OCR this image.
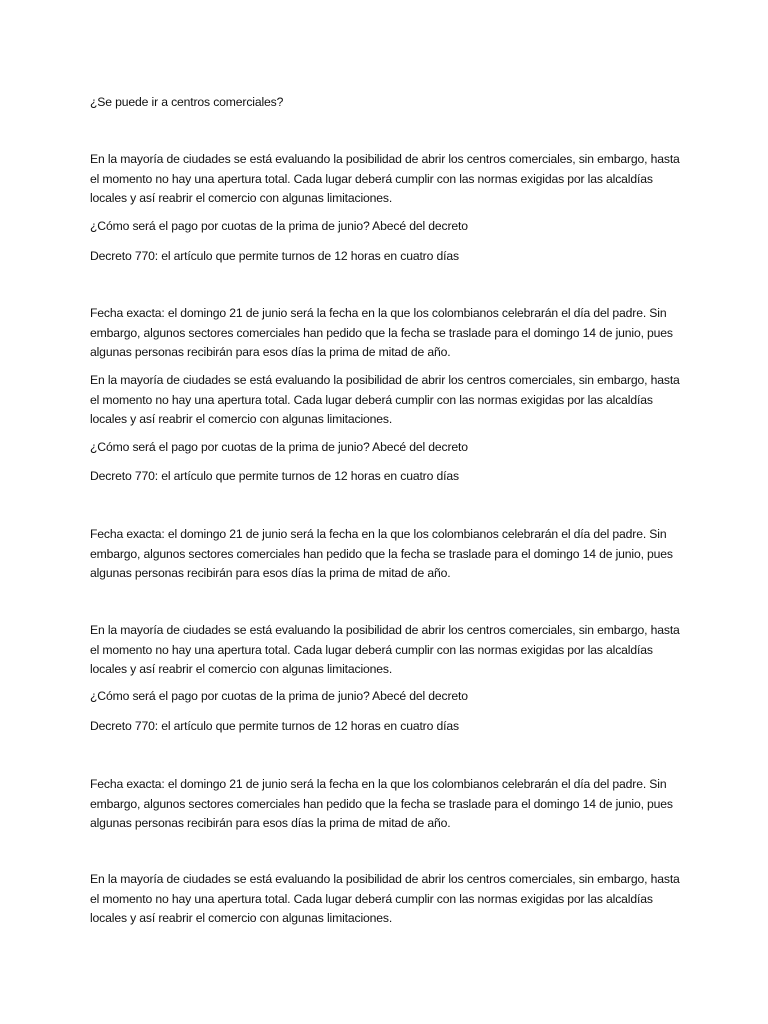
¿Se puede ir a centros comerciales?

En la mayoría de ciudades se está evaluando la posibilidad de abrir los centros comerciales, sin embargo, hasta el momento no hay una apertura total. Cada lugar deberá cumplir con las normas exigidas por las alcaldías locales y así reabrir el comercio con algunas limitaciones.

¿Cómo será el pago por cuotas de la prima de junio? Abecé del decreto

Decreto 770: el artículo que permite turnos de 12 horas en cuatro días

Fecha exacta: el domingo 21 de junio será la fecha en la que los colombianos celebrarán el día del padre. Sin embargo, algunos sectores comerciales han pedido que la fecha se traslade para el domingo 14 de junio, pues algunas personas recibirán para esos días la prima de mitad de año.

En la mayoría de ciudades se está evaluando la posibilidad de abrir los centros comerciales, sin embargo, hasta el momento no hay una apertura total. Cada lugar deberá cumplir con las normas exigidas por las alcaldías locales y así reabrir el comercio con algunas limitaciones.

¿Cómo será el pago por cuotas de la prima de junio? Abecé del decreto

Decreto 770: el artículo que permite turnos de 12 horas en cuatro días

Fecha exacta: el domingo 21 de junio será la fecha en la que los colombianos celebrarán el día del padre. Sin embargo, algunos sectores comerciales han pedido que la fecha se traslade para el domingo 14 de junio, pues algunas personas recibirán para esos días la prima de mitad de año.

En la mayoría de ciudades se está evaluando la posibilidad de abrir los centros comerciales, sin embargo, hasta el momento no hay una apertura total. Cada lugar deberá cumplir con las normas exigidas por las alcaldías locales y así reabrir el comercio con algunas limitaciones.

¿Cómo será el pago por cuotas de la prima de junio? Abecé del decreto

Decreto 770: el artículo que permite turnos de 12 horas en cuatro días

Fecha exacta: el domingo 21 de junio será la fecha en la que los colombianos celebrarán el día del padre. Sin embargo, algunos sectores comerciales han pedido que la fecha se traslade para el domingo 14 de junio, pues algunas personas recibirán para esos días la prima de mitad de año.

En la mayoría de ciudades se está evaluando la posibilidad de abrir los centros comerciales, sin embargo, hasta el momento no hay una apertura total. Cada lugar deberá cumplir con las normas exigidas por las alcaldías locales y así reabrir el comercio con algunas limitaciones.
